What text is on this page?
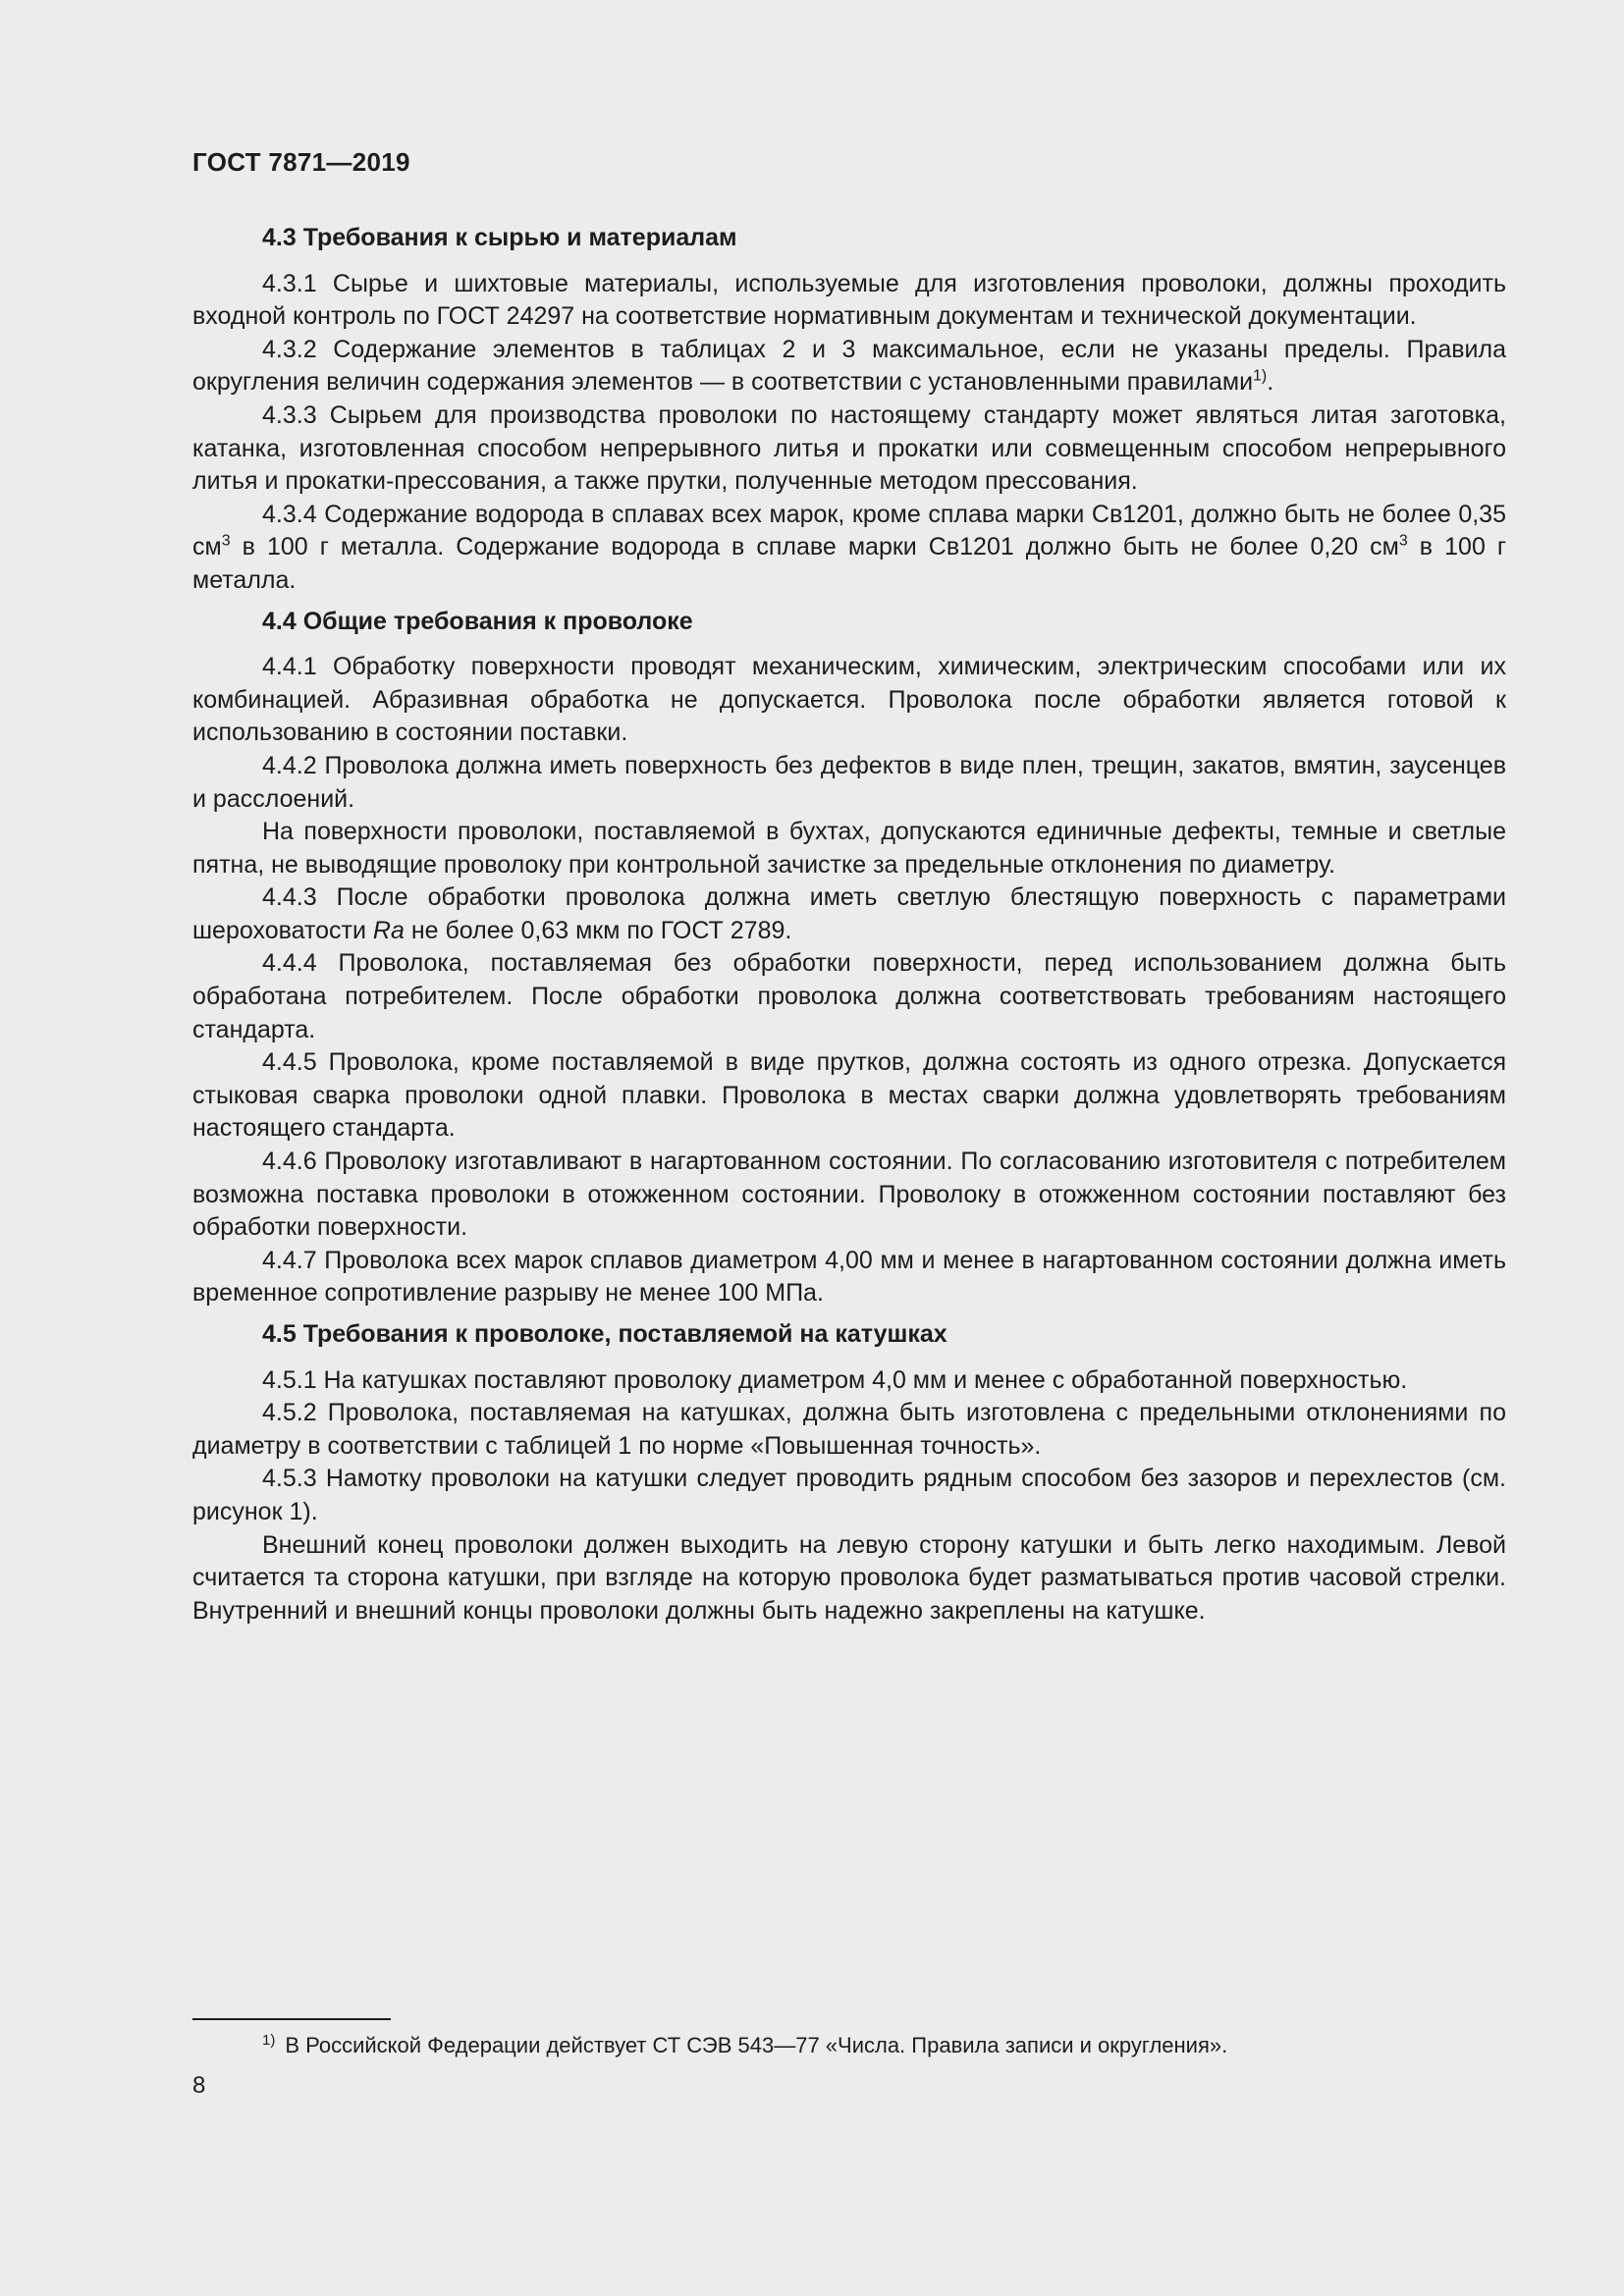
ГОСТ 7871—2019
4.3 Требования к сырью и материалам

4.3.1 Сырье и шихтовые материалы, используемые для изготовления проволоки, должны проходить входной контроль по ГОСТ 24297 на соответствие нормативным документам и технической документации.

4.3.2 Содержание элементов в таблицах 2 и 3 максимальное, если не указаны пределы. Правила округления величин содержания элементов — в соответствии с установленными правилами$^{1)}$.

4.3.3 Сырьем для производства проволоки по настоящему стандарту может являться литая заготовка, катанка, изготовленная способом непрерывного литья и прокатки или совмещенным способом непрерывного литья и прокатки-прессования, а также прутки, полученные методом прессования.

4.3.4 Содержание водорода в сплавах всех марок, кроме сплава марки Св1201, должно быть не более 0,35 $см^3$ в 100 г металла. Содержание водорода в сплаве марки Св1201 должно быть не более 0,20 $см^3$ в 100 г металла.

4.4 Общие требования к проволоке

4.4.1 Обработку поверхности проводят механическим, химическим, электрическим способами или их комбинацией. Абразивная обработка не допускается. Проволока после обработки является готовой к использованию в состоянии поставки.

4.4.2 Проволока должна иметь поверхность без дефектов в виде плен, трещин, закатов, вмятин, заусенцев и расслоений.

На поверхности проволоки, поставляемой в бухтах, допускаются единичные дефекты, темные и светлые пятна, не выводящие проволоку при контрольной зачистке за предельные отклонения по диаметру.

4.4.3 После обработки проволока должна иметь светлую блестящую поверхность с параметрами шероховатости Ra не более 0,63 мкм по ГОСТ 2789.

4.4.4 Проволока, поставляемая без обработки поверхности, перед использованием должна быть обработана потребителем. После обработки проволока должна соответствовать требованиям настоящего стандарта.

4.4.5 Проволока, кроме поставляемой в виде прутков, должна состоять из одного отрезка. Допускается стыковая сварка проволоки одной плавки. Проволока в местах сварки должна удовлетворять требованиям настоящего стандарта.

4.4.6 Проволоку изготавливают в нагартованном состоянии. По согласованию изготовителя с потребителем возможна поставка проволоки в отожженном состоянии. Проволоку в отожженном состоянии поставляют без обработки поверхности.

4.4.7 Проволока всех марок сплавов диаметром 4,00 мм и менее в нагартованном состоянии должна иметь временное сопротивление разрыву не менее 100 МПа.

4.5 Требования к проволоке, поставляемой на катушках

4.5.1 На катушках поставляют проволоку диаметром 4,0 мм и менее с обработанной поверхностью.

4.5.2 Проволока, поставляемая на катушках, должна быть изготовлена с предельными отклонениями по диаметру в соответствии с таблицей 1 по норме «Повышенная точность».

4.5.3 Намотку проволоки на катушки следует проводить рядным способом без зазоров и перехлестов (см. рисунок 1).

Внешний конец проволоки должен выходить на левую сторону катушки и быть легко находимым. Левой считается та сторона катушки, при взгляде на которую проволока будет разматываться против часовой стрелки. Внутренний и внешний концы проволоки должны быть надежно закреплены на катушке.

$^{1)}$ В Российской Федерации действует СТ СЭВ 543—77 «Числа. Правила записи и округления».
8
